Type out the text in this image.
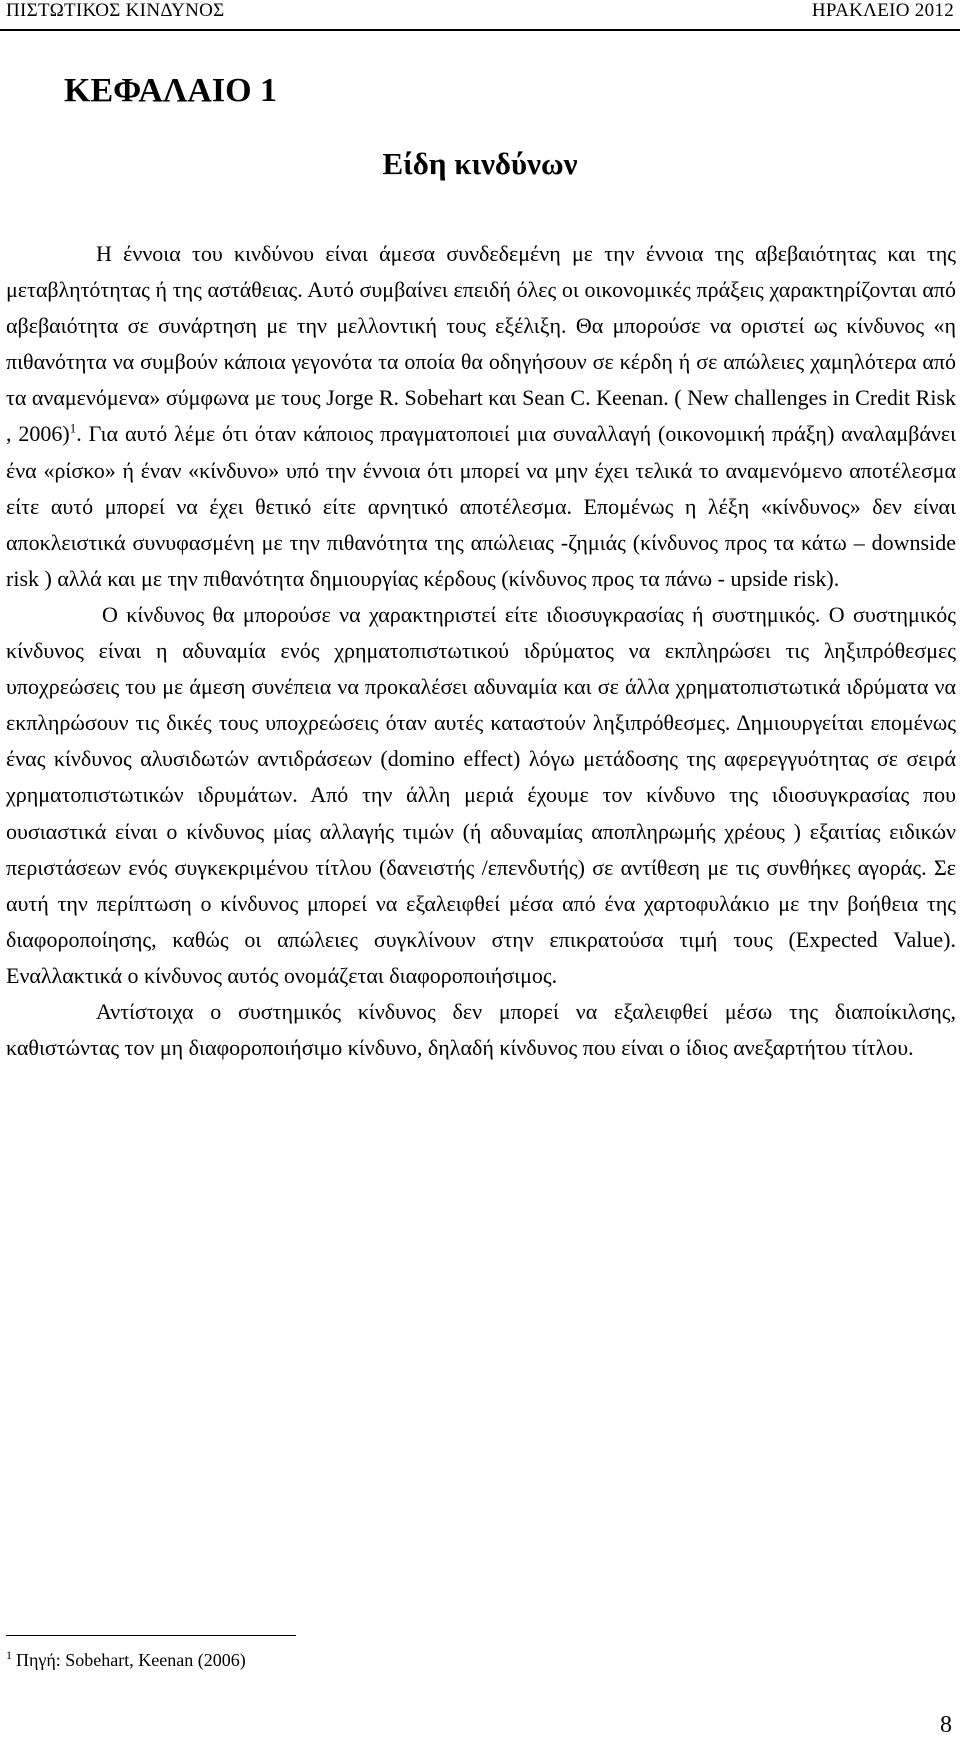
ΠΙΣΤΩΤΙΚΟΣ ΚΙΝΔΥΝΟΣ	ΗΡΑΚΛΕΙΟ 2012
ΚΕΦΑΛΑΙΟ 1
Είδη κινδύνων

Η έννοια του κινδύνου είναι άμεσα συνδεδεμένη με την έννοια της αβεβαιότητας και της μεταβλητότητας ή της αστάθειας. Αυτό συμβαίνει επειδή όλες οι οικονομικές πράξεις χαρακτηρίζονται από αβεβαιότητα σε συνάρτηση με την μελλοντική τους εξέλιξη. Θα μπορούσε να οριστεί ως κίνδυνος «η πιθανότητα να συμβούν κάποια γεγονότα τα οποία θα οδηγήσουν σε κέρδη ή σε απώλειες χαμηλότερα από τα αναμενόμενα» σύμφωνα με τους Jorge R. Sobehart και Sean C. Keenan. ( New challenges in Credit Risk , 2006)$^1$. Για αυτό λέμε ότι όταν κάποιος πραγματοποιεί μια συναλλαγή (οικονομική πράξη) αναλαμβάνει ένα «ρίσκο» ή έναν «κίνδυνο» υπό την έννοια ότι μπορεί να μην έχει τελικά το αναμενόμενο αποτέλεσμα είτε αυτό μπορεί να έχει θετικό είτε αρνητικό αποτέλεσμα. Επομένως η λέξη «κίνδυνος» δεν είναι αποκλειστικά συνυφασμένη με την πιθανότητα της απώλειας -ζημιάς (κίνδυνος προς τα κάτω – downside risk ) αλλά και με την πιθανότητα δημιουργίας κέρδους (κίνδυνος προς τα πάνω - upside risk).

Ο κίνδυνος θα μπορούσε να χαρακτηριστεί είτε ιδιοσυγκρασίας ή συστημικός. Ο συστημικός κίνδυνος είναι η αδυναμία ενός χρηματοπιστωτικού ιδρύματος να εκπληρώσει τις ληξιπρόθεσμες υποχρεώσεις του με άμεση συνέπεια να προκαλέσει αδυναμία και σε άλλα χρηματοπιστωτικά ιδρύματα να εκπληρώσουν τις δικές τους υποχρεώσεις όταν αυτές καταστούν ληξιπρόθεσμες. Δημιουργείται επομένως ένας κίνδυνος αλυσιδωτών αντιδράσεων (domino effect) λόγω μετάδοσης της αφερεγγυότητας σε σειρά χρηματοπιστωτικών ιδρυμάτων. Από την άλλη μεριά έχουμε τον κίνδυνο της ιδιοσυγκρασίας που ουσιαστικά είναι ο κίνδυνος μίας αλλαγής τιμών (ή αδυναμίας αποπληρωμής χρέους ) εξαιτίας ειδικών περιστάσεων ενός συγκεκριμένου τίτλου (δανειστής /επενδυτής) σε αντίθεση με τις συνθήκες αγοράς. Σε αυτή την περίπτωση ο κίνδυνος μπορεί να εξαλειφθεί μέσα από ένα χαρτοφυλάκιο με την βοήθεια της διαφοροποίησης, καθώς οι απώλειες συγκλίνουν στην επικρατούσα τιμή τους (Expected Value). Εναλλακτικά ο κίνδυνος αυτός ονομάζεται διαφοροποιήσιμος.

Αντίστοιχα ο συστημικός κίνδυνος δεν μπορεί να εξαλειφθεί μέσω της διαποίκιλσης, καθιστώντας τον μη διαφοροποιήσιμο κίνδυνο, δηλαδή κίνδυνος που είναι ο ίδιος ανεξαρτήτου τίτλου.

$^1$ Πηγή: Sobehart, Keenan (2006)
8
